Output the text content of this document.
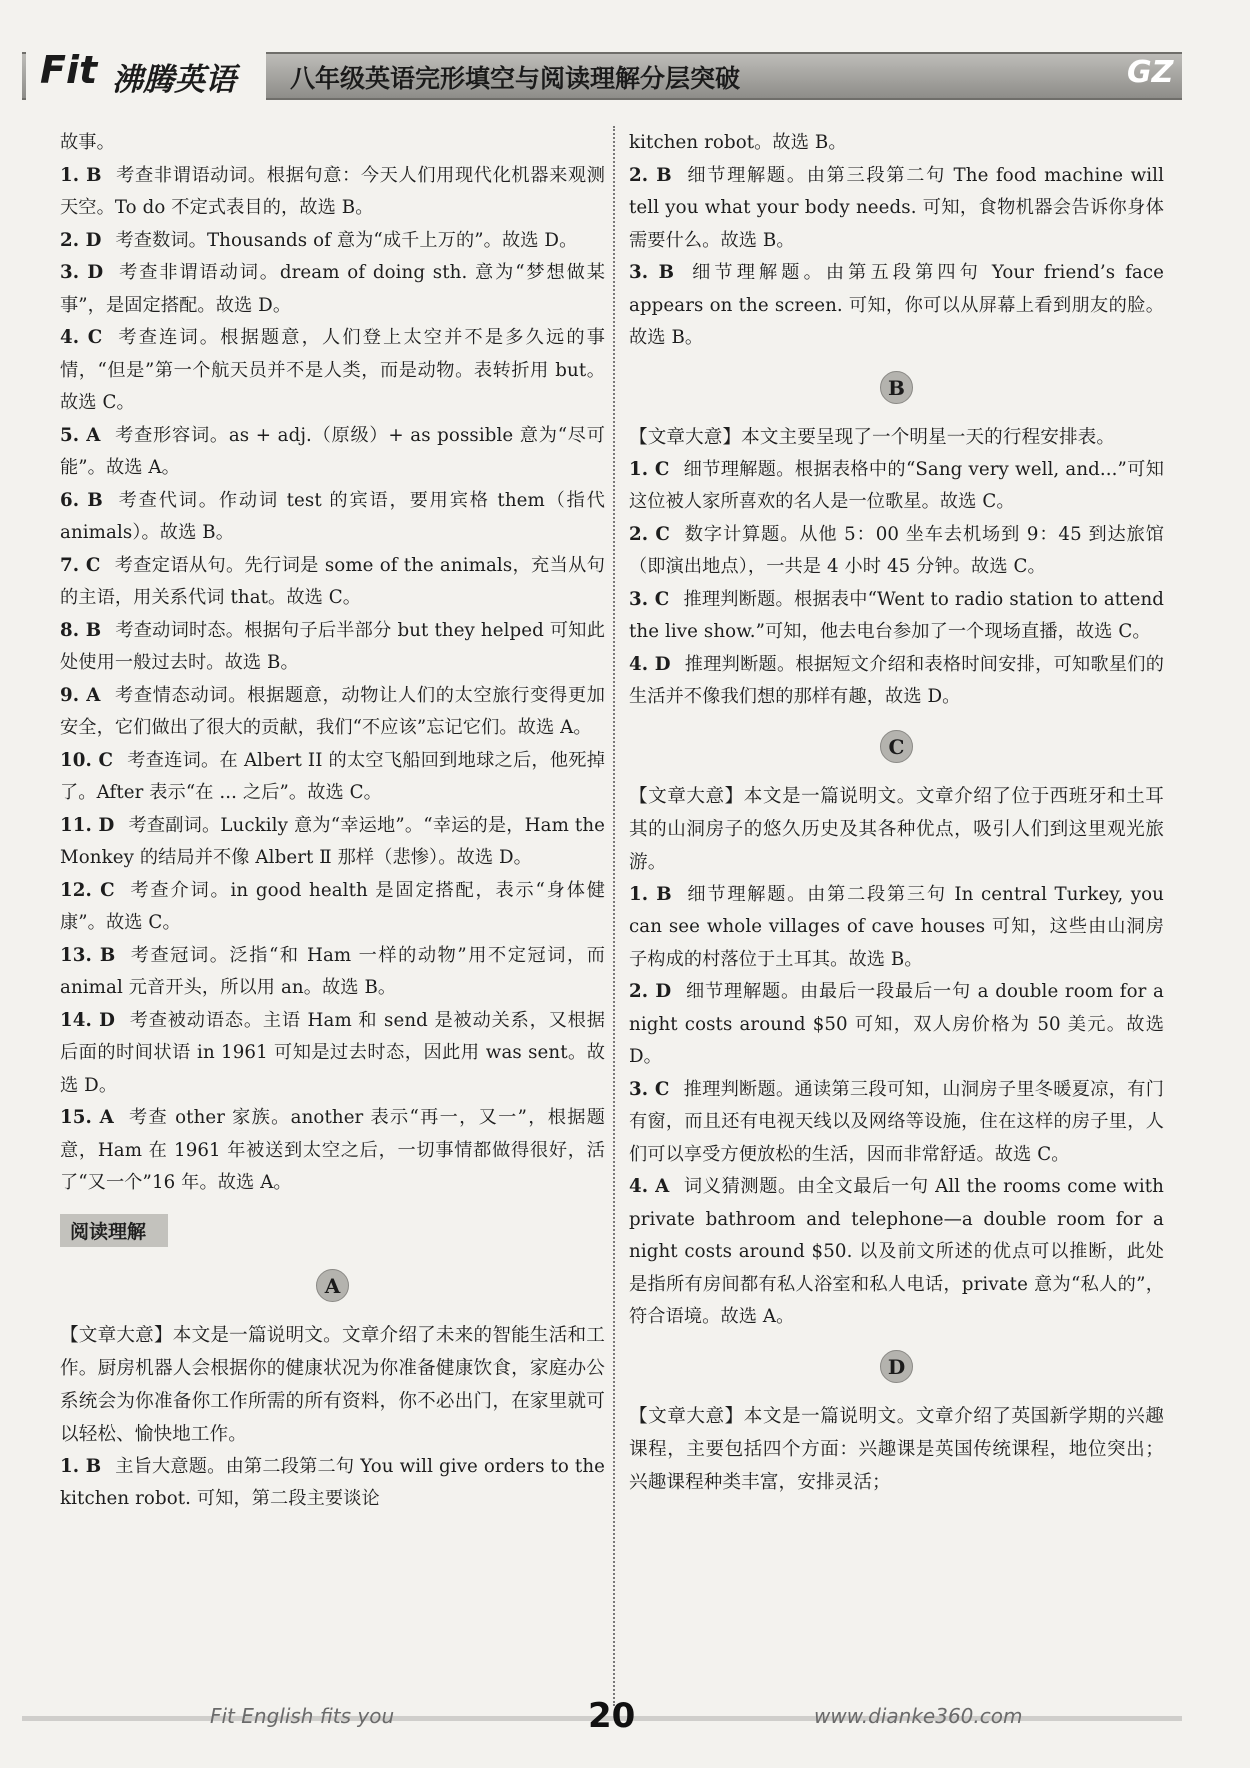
Fit 沸腾英语 八年级英语完形填空与阅读理解分层突破	GZ

故事。

1. B 考查非谓语动词。根据句意：今天人们用现代化机器来观测天空。To do 不定式表目的，故选 B。

2. D 考查数词。Thousands of 意为“成千上万的”。故选 D。

3. D 考查非谓语动词。dream of doing sth. 意为“梦想做某事”，是固定搭配。故选 D。

4. C 考查连词。根据题意，人们登上太空并不是多久远的事情，“但是”第一个航天员并不是人类，而是动物。表转折用 but。故选 C。

5. A 考查形容词。as + adj.（原级）+ as possible 意为“尽可能”。故选 A。

6. B 考查代词。作动词 test 的宾语，要用宾格 them（指代 animals）。故选 B。

7. C 考查定语从句。先行词是 some of the animals，充当从句的主语，用关系代词 that。故选 C。

8. B 考查动词时态。根据句子后半部分 but they helped 可知此处使用一般过去时。故选 B。

9. A 考查情态动词。根据题意，动物让人们的太空旅行变得更加安全，它们做出了很大的贡献，我们“不应该”忘记它们。故选 A。

10. C 考查连词。在 Albert II 的太空飞船回到地球之后，他死掉了。After 表示“在 ... 之后”。故选 C。

11. D 考查副词。Luckily 意为“幸运地”。“幸运的是，Ham the Monkey 的结局并不像 Albert Ⅱ 那样（悲惨）。故选 D。

12. C 考查介词。in good health 是固定搭配，表示“身体健康”。故选 C。

13. B 考查冠词。泛指“和 Ham 一样的动物”用不定冠词，而 animal 元音开头，所以用 an。故选 B。

14. D 考查被动语态。主语 Ham 和 send 是被动关系，又根据后面的时间状语 in 1961 可知是过去时态，因此用 was sent。故选 D。

15. A 考查 other 家族。another 表示“再一，又一”，根据题意，Ham 在 1961 年被送到太空之后，一切事情都做得很好，活了“又一个”16 年。故选 A。

阅读理解
A

【文章大意】本文是一篇说明文。文章介绍了未来的智能生活和工作。厨房机器人会根据你的健康状况为你准备健康饮食，家庭办公系统会为你准备你工作所需的所有资料，你不必出门，在家里就可以轻松、愉快地工作。

1. B 主旨大意题。由第二段第二句 You will give orders to the kitchen robot. 可知，第二段主要谈论

kitchen robot。故选 B。

2. B 细节理解题。由第三段第二句 The food machine will tell you what your body needs. 可知，食物机器会告诉你身体需要什么。故选 B。

3. B 细节理解题。由第五段第四句 Your friend’s face appears on the screen. 可知，你可以从屏幕上看到朋友的脸。故选 B。

B

【文章大意】本文主要呈现了一个明星一天的行程安排表。

1. C 细节理解题。根据表格中的“Sang very well, and...”可知这位被人家所喜欢的名人是一位歌星。故选 C。

2. C 数字计算题。从他 5：00 坐车去机场到 9：45 到达旅馆（即演出地点），一共是 4 小时 45 分钟。故选 C。

3. C 推理判断题。根据表中“Went to radio station to attend the live show.”可知，他去电台参加了一个现场直播，故选 C。

4. D 推理判断题。根据短文介绍和表格时间安排，可知歌星们的生活并不像我们想的那样有趣，故选 D。

C

【文章大意】本文是一篇说明文。文章介绍了位于西班牙和土耳其的山洞房子的悠久历史及其各种优点，吸引人们到这里观光旅游。

1. B 细节理解题。由第二段第三句 In central Turkey, you can see whole villages of cave houses 可知，这些由山洞房子构成的村落位于土耳其。故选 B。

2. D 细节理解题。由最后一段最后一句 a double room for a night costs around $50 可知，双人房价格为 50 美元。故选 D。

3. C 推理判断题。通读第三段可知，山洞房子里冬暖夏凉，有门有窗，而且还有电视天线以及网络等设施，住在这样的房子里，人们可以享受方便放松的生活，因而非常舒适。故选 C。

4. A 词义猜测题。由全文最后一句 All the rooms come with private bathroom and telephone—a double room for a night costs around $50. 以及前文所述的优点可以推断，此处是指所有房间都有私人浴室和私人电话，private 意为“私人的”，符合语境。故选 A。

D

【文章大意】本文是一篇说明文。文章介绍了英国新学期的兴趣课程，主要包括四个方面：兴趣课是英国传统课程，地位突出；兴趣课程种类丰富，安排灵活；

Fit English fits you	20	www.dianke360.com
